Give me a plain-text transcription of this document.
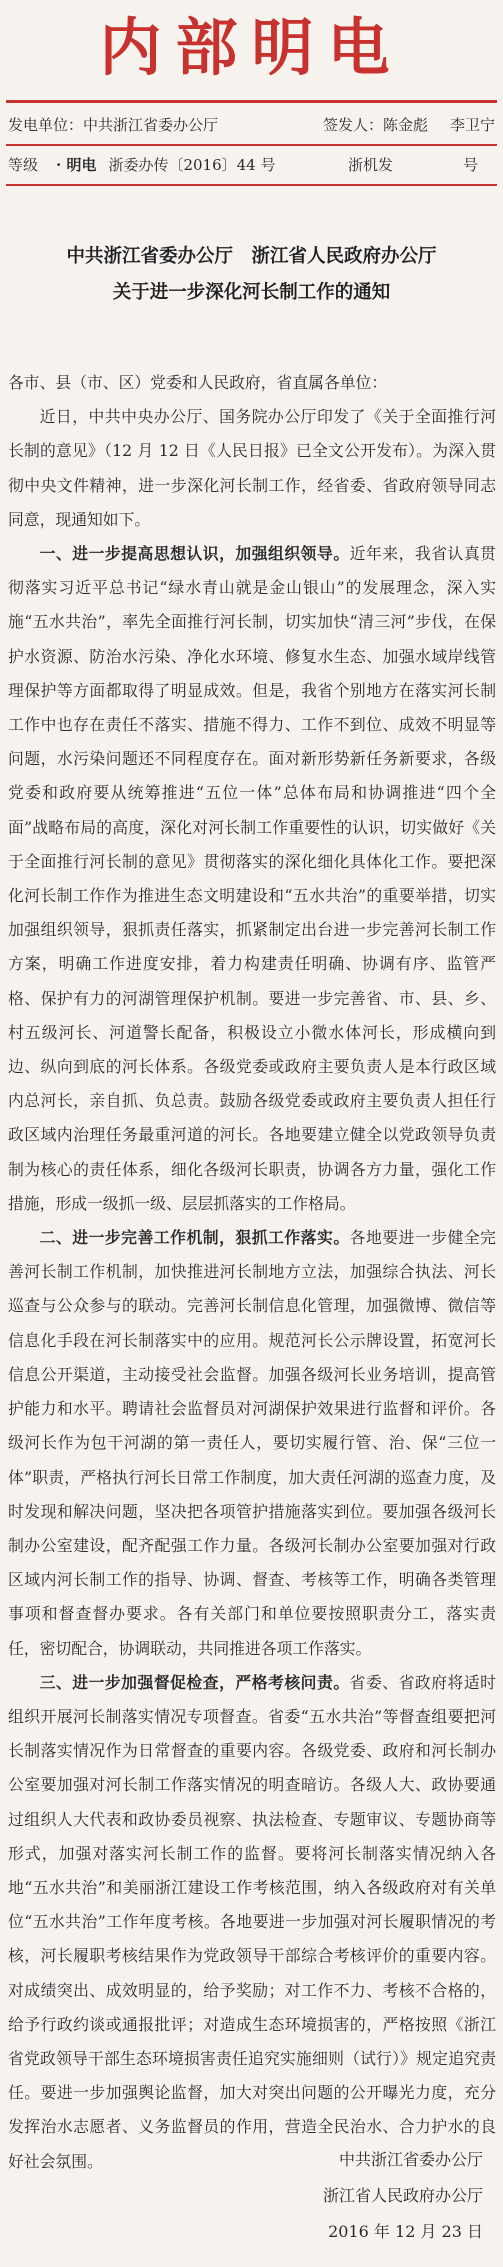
内部明电
发电单位：中共浙江省委办公厅	签发人：陈金彪 李卫宁
等级 · 明电 浙委办传〔2016〕44 号	浙机发	号
中共浙江省委办公厅　浙江省人民政府办公厅
关于进一步深化河长制工作的通知

各市、县（市、区）党委和人民政府，省直属各单位：

近日，中共中央办公厅、国务院办公厅印发了《关于全面推行河长制的意见》（12 月 12 日《人民日报》已全文公开发布）。为深入贯彻中央文件精神，进一步深化河长制工作，经省委、省政府领导同志同意，现通知如下。

一、进一步提高思想认识，加强组织领导。近年来，我省认真贯彻落实习近平总书记“绿水青山就是金山银山”的发展理念，深入实施“五水共治”，率先全面推行河长制，切实加快“清三河”步伐，在保护水资源、防治水污染、净化水环境、修复水生态、加强水域岸线管理保护等方面都取得了明显成效。但是，我省个别地方在落实河长制工作中也存在责任不落实、措施不得力、工作不到位、成效不明显等问题，水污染问题还不同程度存在。面对新形势新任务新要求，各级党委和政府要从统筹推进“五位一体”总体布局和协调推进“四个全面”战略布局的高度，深化对河长制工作重要性的认识，切实做好《关于全面推行河长制的意见》贯彻落实的深化细化具体化工作。要把深化河长制工作作为推进生态文明建设和“五水共治”的重要举措，切实加强组织领导，狠抓责任落实，抓紧制定出台进一步完善河长制工作方案，明确工作进度安排，着力构建责任明确、协调有序、监管严格、保护有力的河湖管理保护机制。要进一步完善省、市、县、乡、村五级河长、河道警长配备，积极设立小微水体河长，形成横向到边、纵向到底的河长体系。各级党委或政府主要负责人是本行政区域内总河长，亲自抓、负总责。鼓励各级党委或政府主要负责人担任行政区域内治理任务最重河道的河长。各地要建立健全以党政领导负责制为核心的责任体系，细化各级河长职责，协调各方力量，强化工作措施，形成一级抓一级、层层抓落实的工作格局。

二、进一步完善工作机制，狠抓工作落实。各地要进一步健全完善河长制工作机制，加快推进河长制地方立法，加强综合执法、河长巡查与公众参与的联动。完善河长制信息化管理，加强微博、微信等信息化手段在河长制落实中的应用。规范河长公示牌设置，拓宽河长信息公开渠道，主动接受社会监督。加强各级河长业务培训，提高管护能力和水平。聘请社会监督员对河湖保护效果进行监督和评价。各级河长作为包干河湖的第一责任人，要切实履行管、治、保“三位一体”职责，严格执行河长日常工作制度，加大责任河湖的巡查力度，及时发现和解决问题，坚决把各项管护措施落实到位。要加强各级河长制办公室建设，配齐配强工作力量。各级河长制办公室要加强对行政区域内河长制工作的指导、协调、督查、考核等工作，明确各类管理事项和督查督办要求。各有关部门和单位要按照职责分工，落实责任，密切配合，协调联动，共同推进各项工作落实。

三、进一步加强督促检查，严格考核问责。省委、省政府将适时组织开展河长制落实情况专项督查。省委“五水共治”等督查组要把河长制落实情况作为日常督查的重要内容。各级党委、政府和河长制办公室要加强对河长制工作落实情况的明查暗访。各级人大、政协要通过组织人大代表和政协委员视察、执法检查、专题审议、专题协商等形式，加强对落实河长制工作的监督。要将河长制落实情况纳入各地“五水共治”和美丽浙江建设工作考核范围，纳入各级政府对有关单位“五水共治”工作年度考核。各地要进一步加强对河长履职情况的考核，河长履职考核结果作为党政领导干部综合考核评价的重要内容。对成绩突出、成效明显的，给予奖励；对工作不力、考核不合格的，给予行政约谈或通报批评；对造成生态环境损害的，严格按照《浙江省党政领导干部生态环境损害责任追究实施细则（试行）》规定追究责任。要进一步加强舆论监督，加大对突出问题的公开曝光力度，充分发挥治水志愿者、义务监督员的作用，营造全民治水、合力护水的良好社会氛围。	中共浙江省委办公厅
浙江省人民政府办公厅
2016 年 12 月 23 日
